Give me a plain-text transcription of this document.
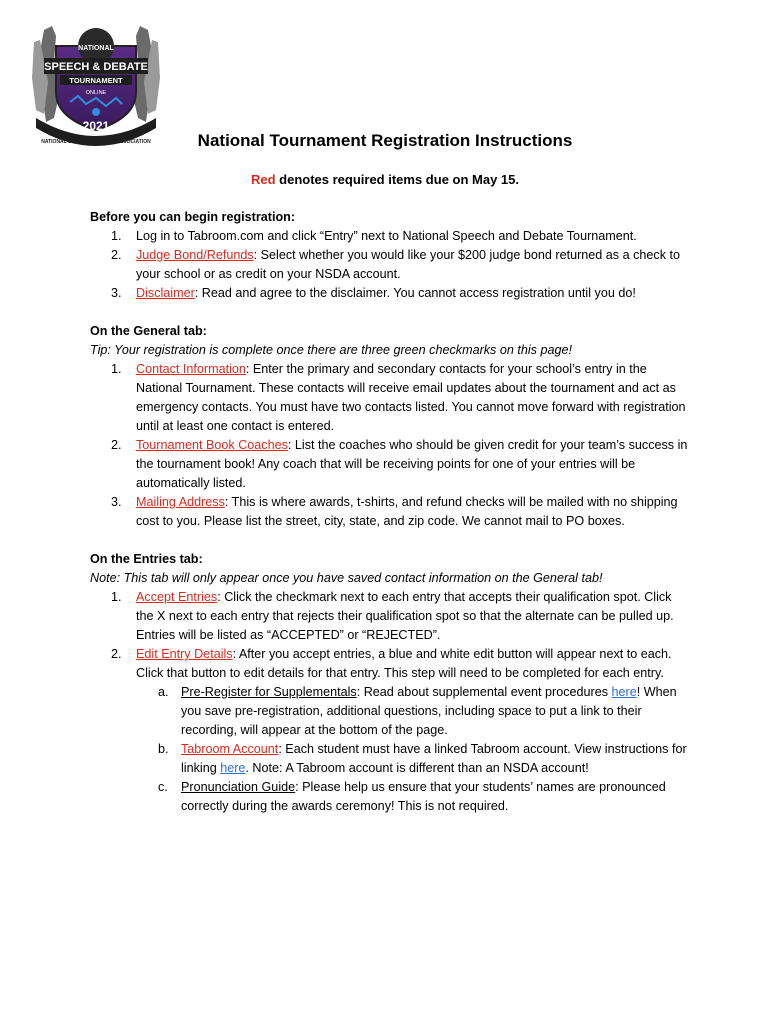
NATIONAL
SPEECH & DEBATE
TOURNAMENT
ONLINE
2021
NATIONAL SPEECH & DEBATE ASSOCIATION	National Tournament Registration Instructions
Red denotes required items due on May 15.

Before you can begin registration:

1. Log in to Tabroom.com and click “Entry” next to National Speech and Debate Tournament.
2. Judge Bond/Refunds: Select whether you would like your $200 judge bond returned as a check to your school or as credit on your NSDA account.
3. Disclaimer: Read and agree to the disclaimer. You cannot access registration until you do!

On the General tab:

Tip: Your registration is complete once there are three green checkmarks on this page!

1. Contact Information: Enter the primary and secondary contacts for your school’s entry in the National Tournament. These contacts will receive email updates about the tournament and act as emergency contacts. You must have two contacts listed. You cannot move forward with registration until at least one contact is entered.
2. Tournament Book Coaches: List the coaches who should be given credit for your team’s success in the tournament book! Any coach that will be receiving points for one of your entries will be automatically listed.
3. Mailing Address: This is where awards, t-shirts, and refund checks will be mailed with no shipping cost to you. Please list the street, city, state, and zip code. We cannot mail to PO boxes.

On the Entries tab:

Note: This tab will only appear once you have saved contact information on the General tab!

1. Accept Entries: Click the checkmark next to each entry that accepts their qualification spot. Click the X next to each entry that rejects their qualification spot so that the alternate can be pulled up. Entries will be listed as “ACCEPTED” or “REJECTED”.
2. Edit Entry Details: After you accept entries, a blue and white edit button will appear next to each. Click that button to edit details for that entry. This step will need to be completed for each entry.
a. Pre-Register for Supplementals: Read about supplemental event procedures here! When you save pre-registration, additional questions, including space to put a link to their recording, will appear at the bottom of the page.
b. Tabroom Account: Each student must have a linked Tabroom account. View instructions for linking here. Note: A Tabroom account is different than an NSDA account!
c. Pronunciation Guide: Please help us ensure that your students’ names are pronounced correctly during the awards ceremony! This is not required.
